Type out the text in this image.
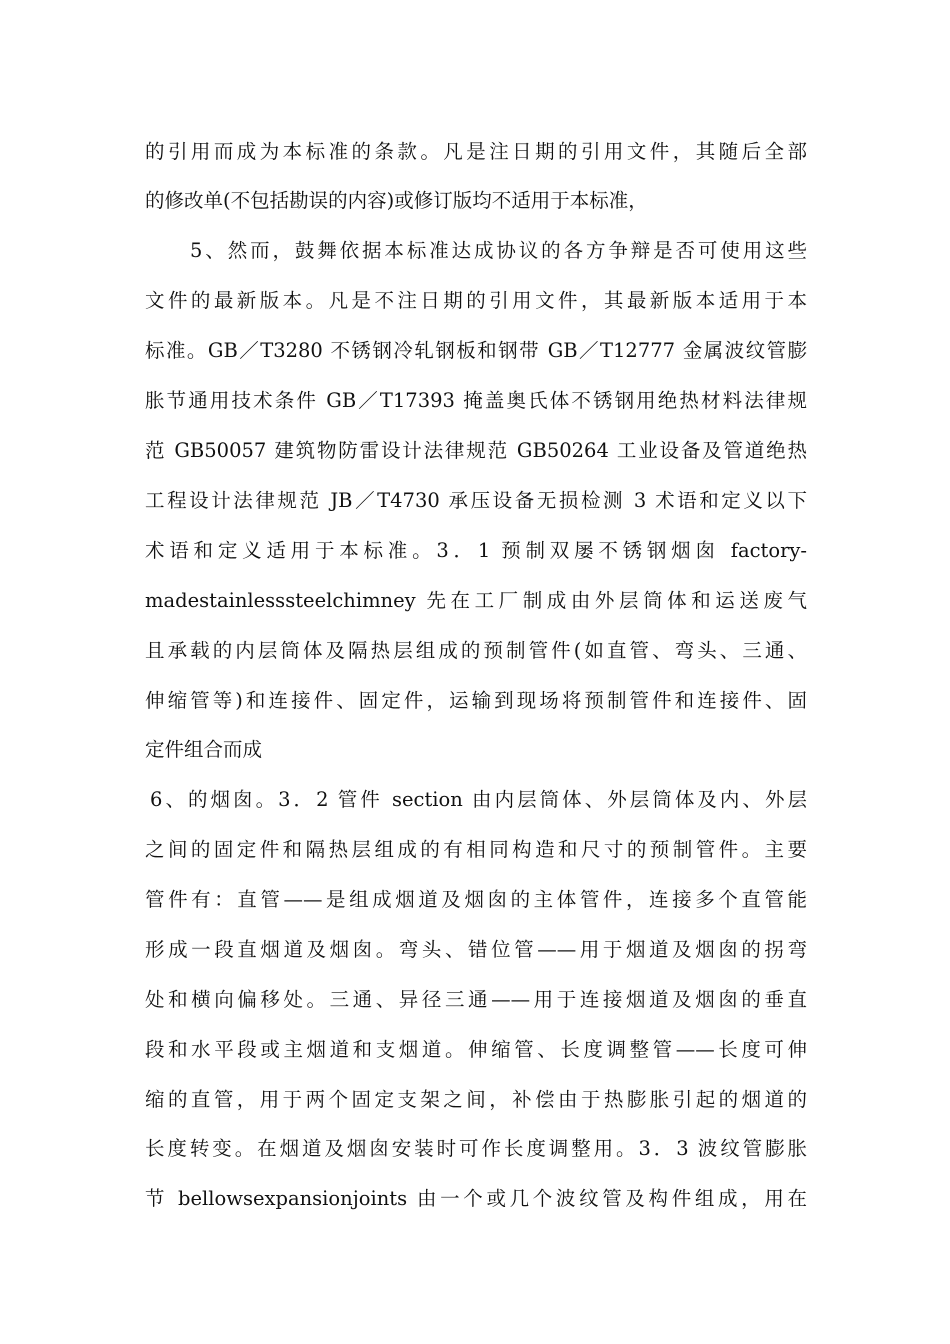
的引用而成为本标准的条款。凡是注日期的引用文件，其随后全部
的修改单(不包括勘误的内容)或修订版均不适用于本标准，
5、然而，鼓舞依据本标准达成协议的各方争辩是否可使用这些
文件的最新版本。凡是不注日期的引用文件，其最新版本适用于本
标准。GB／T3280 不锈钢冷轧钢板和钢带 GB／T12777 金属波纹管膨
胀节通用技术条件 GB／T17393 掩盖奥氏体不锈钢用绝热材料法律规
范 GB50057 建筑物防雷设计法律规范 GB50264 工业设备及管道绝热
工程设计法律规范 JB／T4730 承压设备无损检测 3 术语和定义以下
术语和定义适用于本标准。3．1 预制双屡不锈钢烟囱 factory-
madestainlesssteelchimney 先在工厂制成由外层筒体和运送废气
且承载的内层筒体及隔热层组成的预制管件(如直管、弯头、三通、
伸缩管等)和连接件、固定件，运输到现场将预制管件和连接件、固
定件组合而成
6、的烟囱。3．2 管件 section 由内层筒体、外层筒体及内、外层
之间的固定件和隔热层组成的有相同构造和尺寸的预制管件。主要
管件有：直管——是组成烟道及烟囱的主体管件，连接多个直管能
形成一段直烟道及烟囱。弯头、错位管——用于烟道及烟囱的拐弯
处和横向偏移处。三通、异径三通——用于连接烟道及烟囱的垂直
段和水平段或主烟道和支烟道。伸缩管、长度调整管——长度可伸
缩的直管，用于两个固定支架之间，补偿由于热膨胀引起的烟道的
长度转变。在烟道及烟囱安装时可作长度调整用。3．3 波纹管膨胀
节 bellowsexpansionjoints 由一个或几个波纹管及构件组成，用在
